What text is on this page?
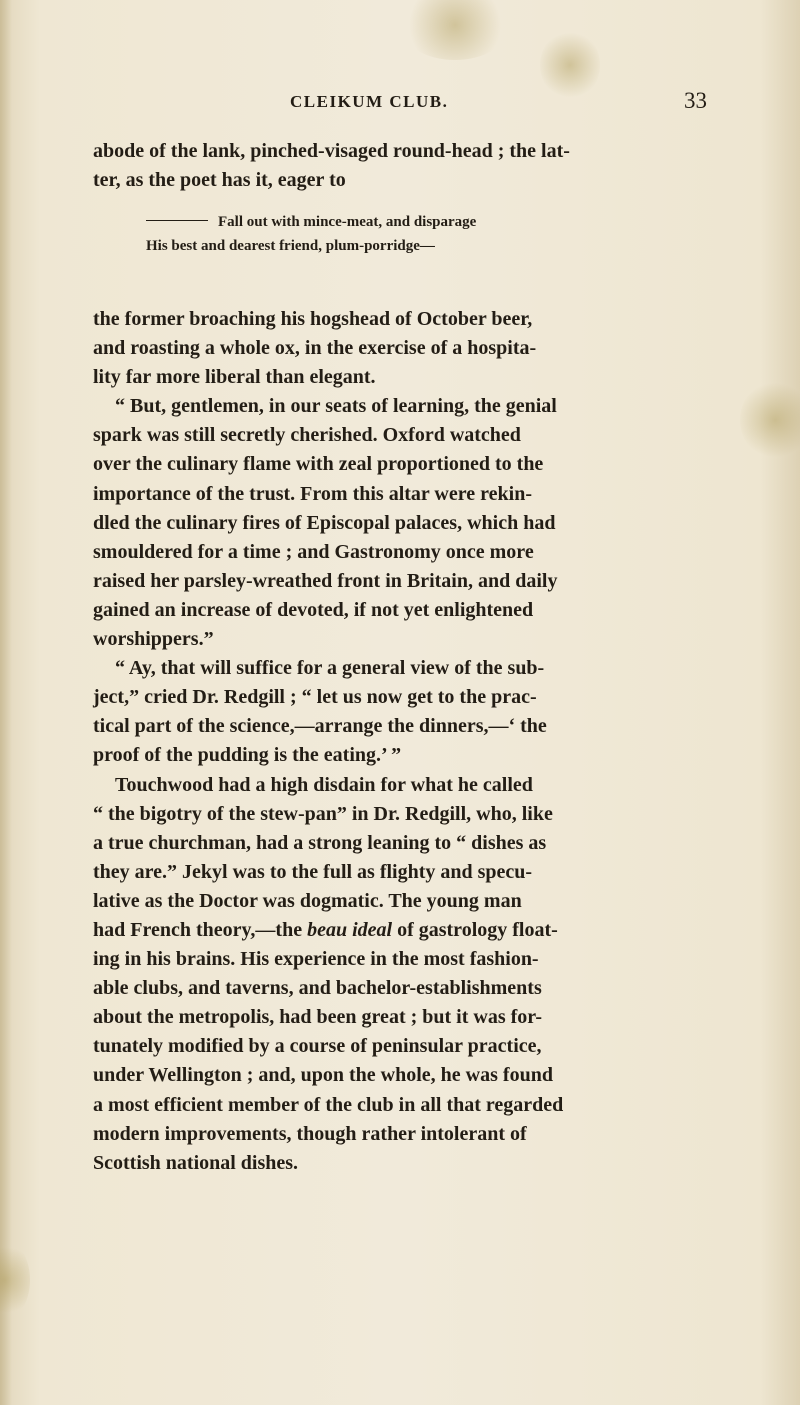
CLEIKUM CLUB.	33

abode of the lank, pinched-visaged round-head ; the lat-

ter, as the poet has it, eager to

Fall out with mince-meat, and disparage

His best and dearest friend, plum-porridge—

the former broaching his hogshead of October beer,

and roasting a whole ox, in the exercise of a hospita-

lity far more liberal than elegant.

“ But, gentlemen, in our seats of learning, the genial

spark was still secretly cherished. Oxford watched

over the culinary flame with zeal proportioned to the

importance of the trust. From this altar were rekin-

dled the culinary fires of Episcopal palaces, which had

smouldered for a time ; and Gastronomy once more

raised her parsley-wreathed front in Britain, and daily

gained an increase of devoted, if not yet enlightened

worshippers.”

“ Ay, that will suffice for a general view of the sub-

ject,” cried Dr. Redgill ; “ let us now get to the prac-

tical part of the science,—arrange the dinners,—‘ the

proof of the pudding is the eating.’ ”

Touchwood had a high disdain for what he called

“ the bigotry of the stew-pan” in Dr. Redgill, who, like

a true churchman, had a strong leaning to “ dishes as

they are.” Jekyl was to the full as flighty and specu-

lative as the Doctor was dogmatic. The young man

had French theory,—the beau ideal of gastrology float-

ing in his brains. His experience in the most fashion-

able clubs, and taverns, and bachelor-establishments

about the metropolis, had been great ; but it was for-

tunately modified by a course of peninsular practice,

under Wellington ; and, upon the whole, he was found

a most efficient member of the club in all that regarded

modern improvements, though rather intolerant of

Scottish national dishes.
